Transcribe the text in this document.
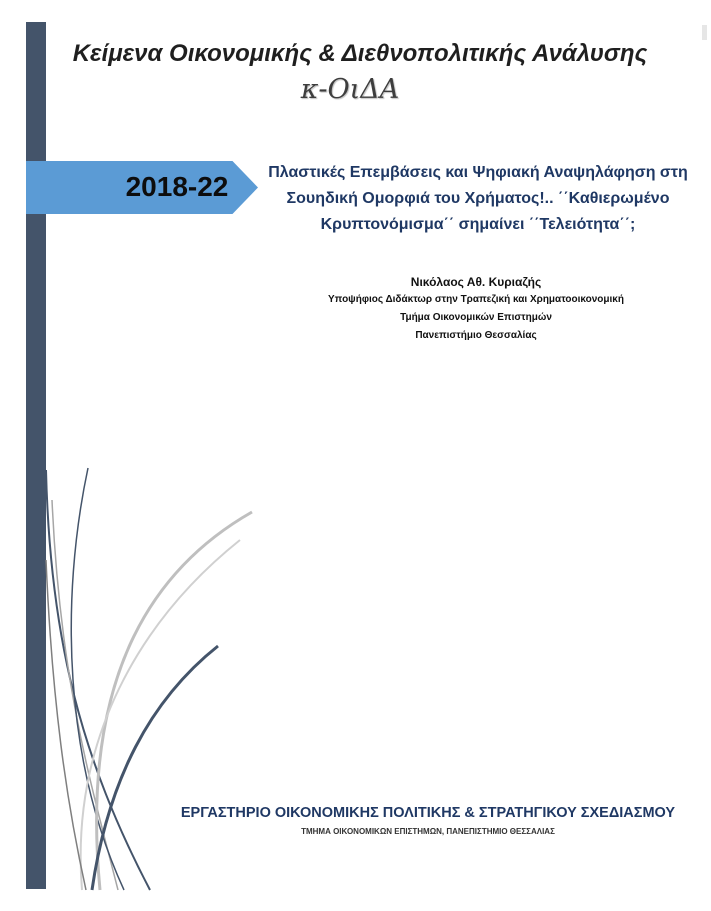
Κείμενα Οικονομικής & Διεθνοπολιτικής Ανάλυσης
κ-ΟιΔΑ
2018-22	Πλαστικές Επεμβάσεις και Ψηφιακή Αναψηλάφηση στη Σουηδική Ομορφιά του Χρήματος!.. ΄΄Καθιερωμένο Κρυπτονόμισμα΄΄ σημαίνει ΄΄Τελειότητα΄΄;

Νικόλαος Αθ. Κυριαζής

Υποψήφιος Διδάκτωρ στην Τραπεζική και Χρηματοοικονομική

Τμήμα Οικονομικών Επιστημών

Πανεπιστήμιο Θεσσαλίας

ΕΡΓΑΣΤΗΡΙΟ ΟΙΚΟΝΟΜΙΚΗΣ ΠΟΛΙΤΙΚΗΣ & ΣΤΡΑΤΗΓΙΚΟΥ ΣΧΕΔΙΑΣΜΟΥ
ΤΜΗΜΑ ΟΙΚΟΝΟΜΙΚΩΝ ΕΠΙΣΤΗΜΩΝ, ΠΑΝΕΠΙΣΤΗΜΙΟ ΘΕΣΣΑΛΙΑΣ
